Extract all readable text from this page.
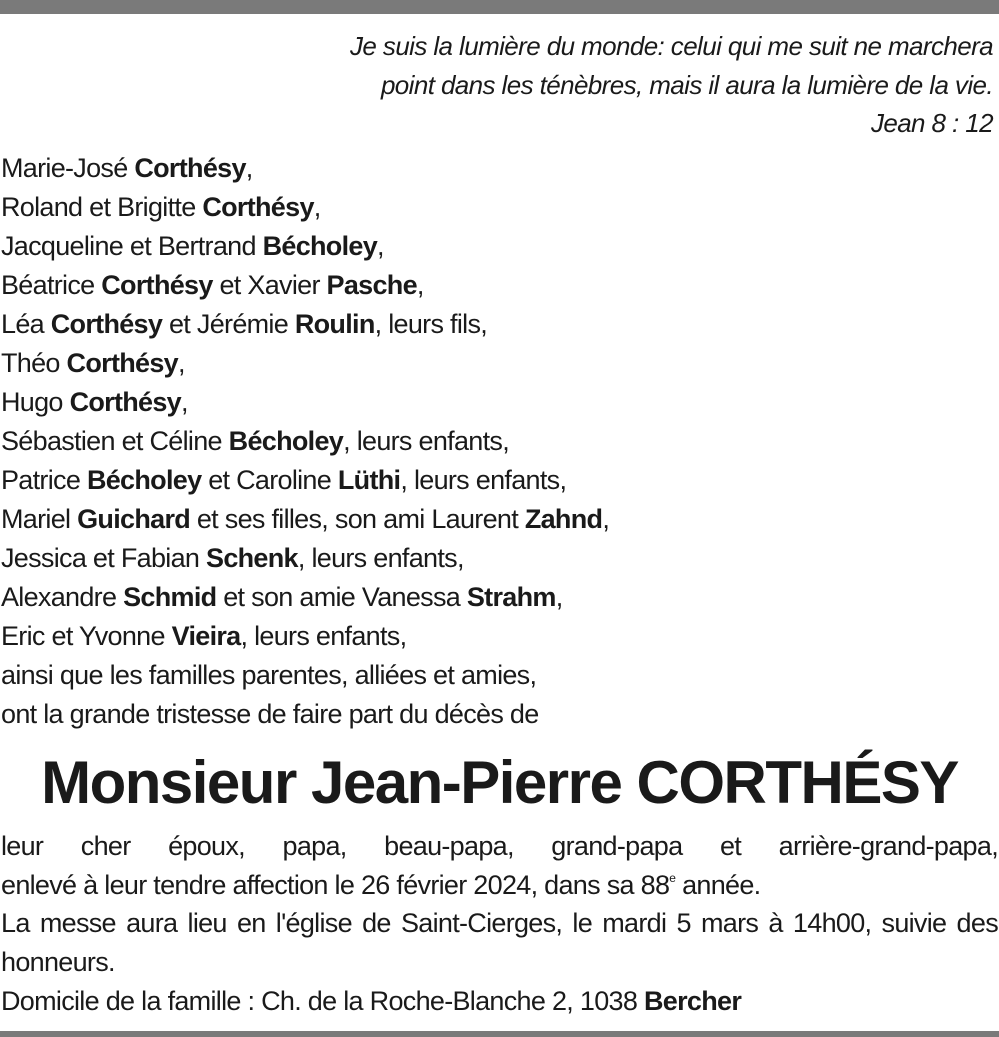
Je suis la lumière du monde: celui qui me suit ne marchera
point dans les ténèbres, mais il aura la lumière de la vie.
Jean 8 : 12
Marie-José Corthésy,
Roland et Brigitte Corthésy,
Jacqueline et Bertrand Bécholey,
Béatrice Corthésy et Xavier Pasche,
Léa Corthésy et Jérémie Roulin, leurs fils,
Théo Corthésy,
Hugo Corthésy,
Sébastien et Céline Bécholey, leurs enfants,
Patrice Bécholey et Caroline Lüthi, leurs enfants,
Mariel Guichard et ses filles, son ami Laurent Zahnd,
Jessica et Fabian Schenk, leurs enfants,
Alexandre Schmid et son amie Vanessa Strahm,
Eric et Yvonne Vieira, leurs enfants,
ainsi que les familles parentes, alliées et amies,
ont la grande tristesse de faire part du décès de
Monsieur Jean-Pierre CORTHÉSY
leur cher époux, papa, beau-papa, grand-papa et arrière-grand-papa,
enlevé à leur tendre affection le 26 février 2024, dans sa 88e année.
La messe aura lieu en l'église de Saint-Cierges, le mardi 5 mars à 14h00, suivie des honneurs.
Domicile de la famille : Ch. de la Roche-Blanche 2, 1038 Bercher
